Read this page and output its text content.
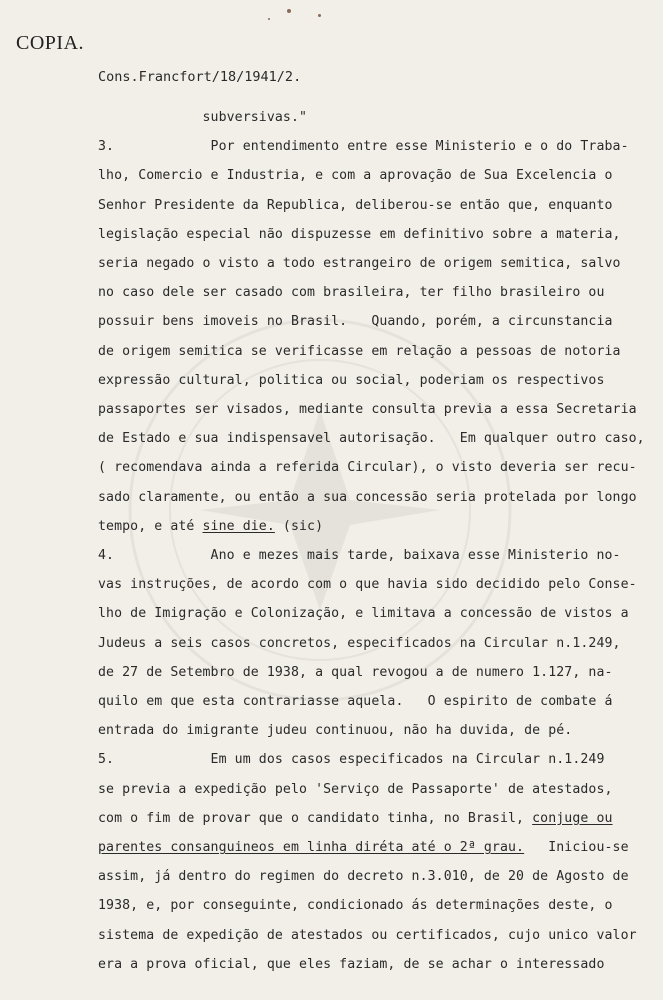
COPIA.
Cons.Francfort/18/1941/2.
subversivas."
3.            Por entendimento entre esse Ministerio e o do Traba-
lho, Comercio e Industria, e com a aprovação de Sua Excelencia o
Senhor Presidente da Republica, deliberou-se então que, enquanto
legislação especial não dispuzesse em definitivo sobre a materia,
seria negado o visto a todo estrangeiro de origem semitica, salvo
no caso dele ser casado com brasileira, ter filho brasileiro ou
possuir bens imoveis no Brasil.   Quando, porém, a circunstancia
de origem semitica se verificasse em relação a pessoas de notoria
expressão cultural, politica ou social, poderiam os respectivos
passaportes ser visados, mediante consulta previa a essa Secretaria
de Estado e sua indispensavel autorisação.   Em qualquer outro caso,
( recomendava ainda a referida Circular), o visto deveria ser recu-
sado claramente, ou então a sua concessão seria protelada por longo
tempo, e até sine die. (sic)
4.            Ano e mezes mais tarde, baixava esse Ministerio no-
vas instruções, de acordo com o que havia sido decidido pelo Conse-
lho de Imigração e Colonização, e limitava a concessão de vistos a
Judeus a seis casos concretos, especificados na Circular n.1.249,
de 27 de Setembro de 1938, a qual revogou a de numero 1.127, na-
quilo em que esta contrariasse aquela.   O espirito de combate á
entrada do imigrante judeu continuou, não ha duvida, de pé.
5.            Em um dos casos especificados na Circular n.1.249
se previa a expedição pelo 'Serviço de Passaporte' de atestados,
com o fim de provar que o candidato tinha, no Brasil, conjuge ou
parentes consanguineos em linha diréta até o 2ª grau.   Iniciou-se
assim, já dentro do regimen do decreto n.3.010, de 20 de Agosto de
1938, e, por conseguinte, condicionado ás determinações deste, o
sistema de expedição de atestados ou certificados, cujo unico valor
era a prova oficial, que eles faziam, de se achar o interessado
